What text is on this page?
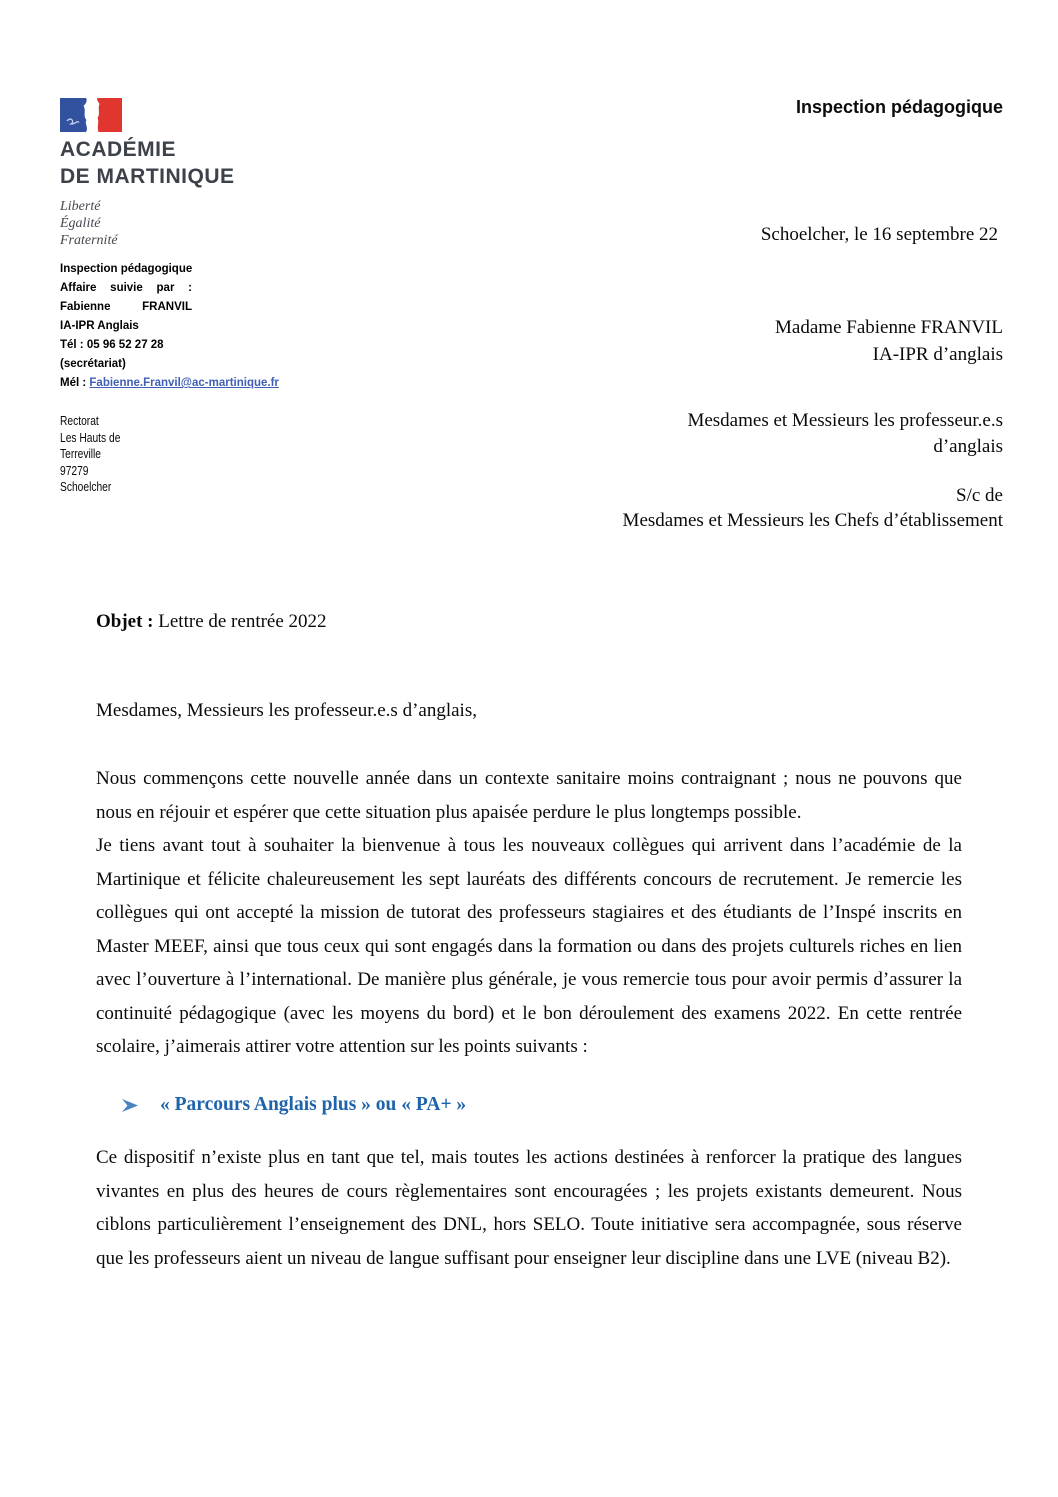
ACADÉMIE
DE MARTINIQUE
Liberté
Égalité
Fraternité
Inspection pédagogique
Inspection pédagogique
Affaire suivie par :
Fabienne FRANVIL
IA-IPR Anglais
Tél : 05 96 52 27 28
(secrétariat)
Mél : Fabienne.Franvil@ac-martinique.fr
Rectorat
Les Hauts de
Terreville
97279
Schoelcher
Schoelcher, le 16 septembre 22
Madame Fabienne FRANVIL
IA-IPR d’anglais
Mesdames et Messieurs les professeur.e.s
d’anglais
S/c de
Mesdames et Messieurs les Chefs d’établissement
Objet : Lettre de rentrée 2022
Mesdames, Messieurs les professeur.e.s d’anglais,

Nous commençons cette nouvelle année dans un contexte sanitaire moins contraignant ; nous ne pouvons que nous en réjouir et espérer que cette situation plus apaisée perdure le plus longtemps possible.

Je tiens avant tout à souhaiter la bienvenue à tous les nouveaux collègues qui arrivent dans l’académie de la Martinique et félicite chaleureusement les sept lauréats des différents concours de recrutement. Je remercie les collègues qui ont accepté la mission de tutorat des professeurs stagiaires et des étudiants de l’Inspé inscrits en Master MEEF, ainsi que tous ceux qui sont engagés dans la formation ou dans des projets culturels riches en lien avec l’ouverture à l’international. De manière plus générale, je vous remercie tous pour avoir permis d’assurer la continuité pédagogique (avec les moyens du bord) et le bon déroulement des examens 2022. En cette rentrée scolaire, j’aimerais attirer votre attention sur les points suivants :

« Parcours Anglais plus » ou « PA+ »
Ce dispositif n’existe plus en tant que tel, mais toutes les actions destinées à renforcer la pratique des langues vivantes en plus des heures de cours règlementaires sont encouragées ; les projets existants demeurent. Nous ciblons particulièrement l’enseignement des DNL, hors SELO. Toute initiative sera accompagnée, sous réserve que les professeurs aient un niveau de langue suffisant pour enseigner leur discipline dans une LVE (niveau B2).
